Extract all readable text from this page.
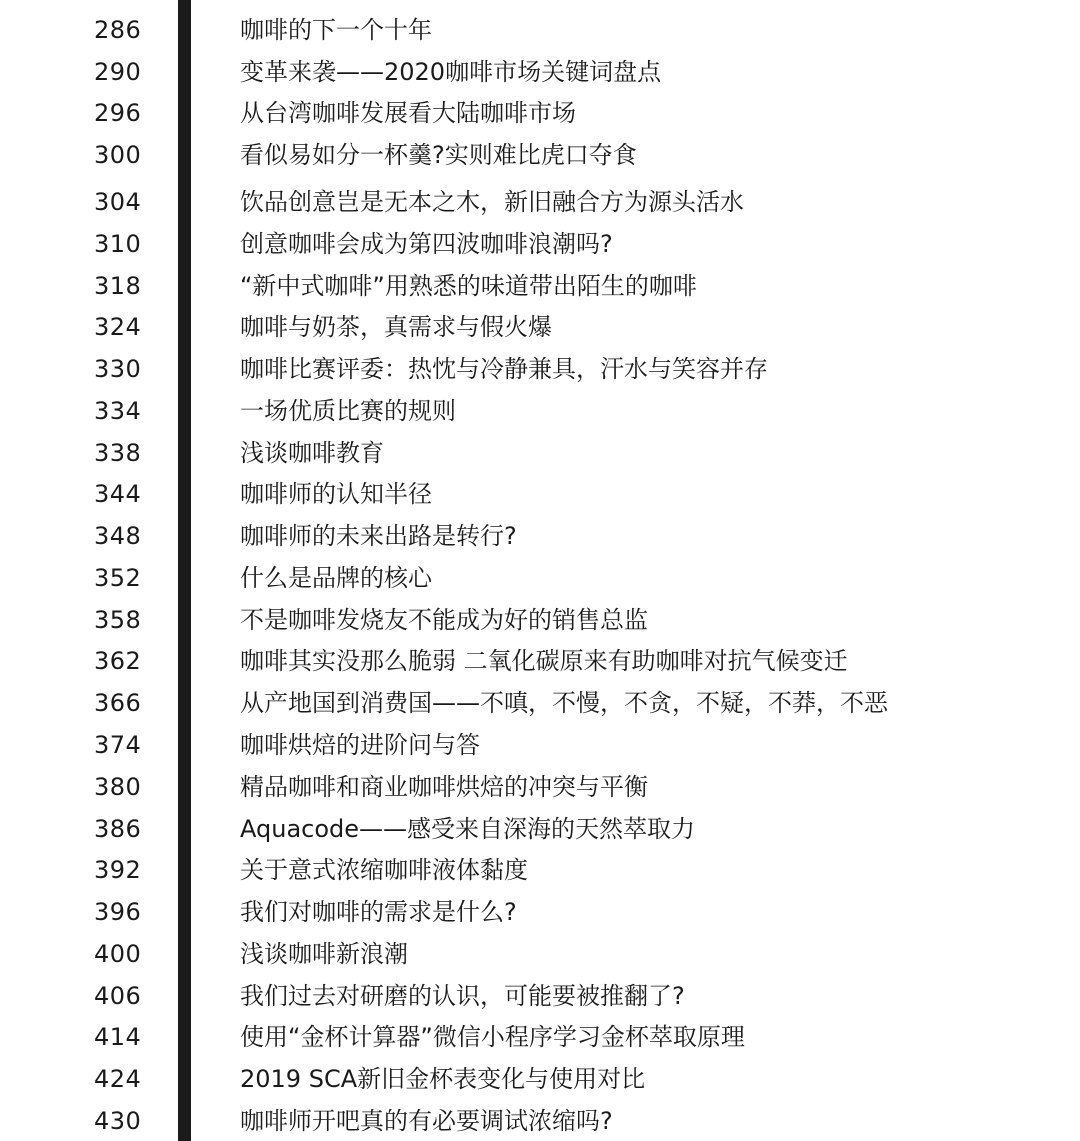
286	咖啡的下一个十年
290	变革来袭——2020咖啡市场关键词盘点
296	从台湾咖啡发展看大陆咖啡市场
300	看似易如分一杯羹?实则难比虎口夺食
304	饮品创意岂是无本之木，新旧融合方为源头活水
310	创意咖啡会成为第四波咖啡浪潮吗?
318	“新中式咖啡”用熟悉的味道带出陌生的咖啡
324	咖啡与奶茶，真需求与假火爆
330	咖啡比赛评委：热忱与冷静兼具，汗水与笑容并存
334	一场优质比赛的规则
338	浅谈咖啡教育
344	咖啡师的认知半径
348	咖啡师的未来出路是转行?
352	什么是品牌的核心
358	不是咖啡发烧友不能成为好的销售总监
362	咖啡其实没那么脆弱 二氧化碳原来有助咖啡对抗气候变迁
366	从产地国到消费国——不嗔，不慢，不贪，不疑，不莽，不恶
374	咖啡烘焙的进阶问与答
380	精品咖啡和商业咖啡烘焙的冲突与平衡
386	Aquacode——感受来自深海的天然萃取力
392	关于意式浓缩咖啡液体黏度
396	我们对咖啡的需求是什么?
400	浅谈咖啡新浪潮
406	我们过去对研磨的认识，可能要被推翻了?
414	使用“金杯计算器”微信小程序学习金杯萃取原理
424	2019 SCA新旧金杯表变化与使用对比
430	咖啡师开吧真的有必要调试浓缩吗?
